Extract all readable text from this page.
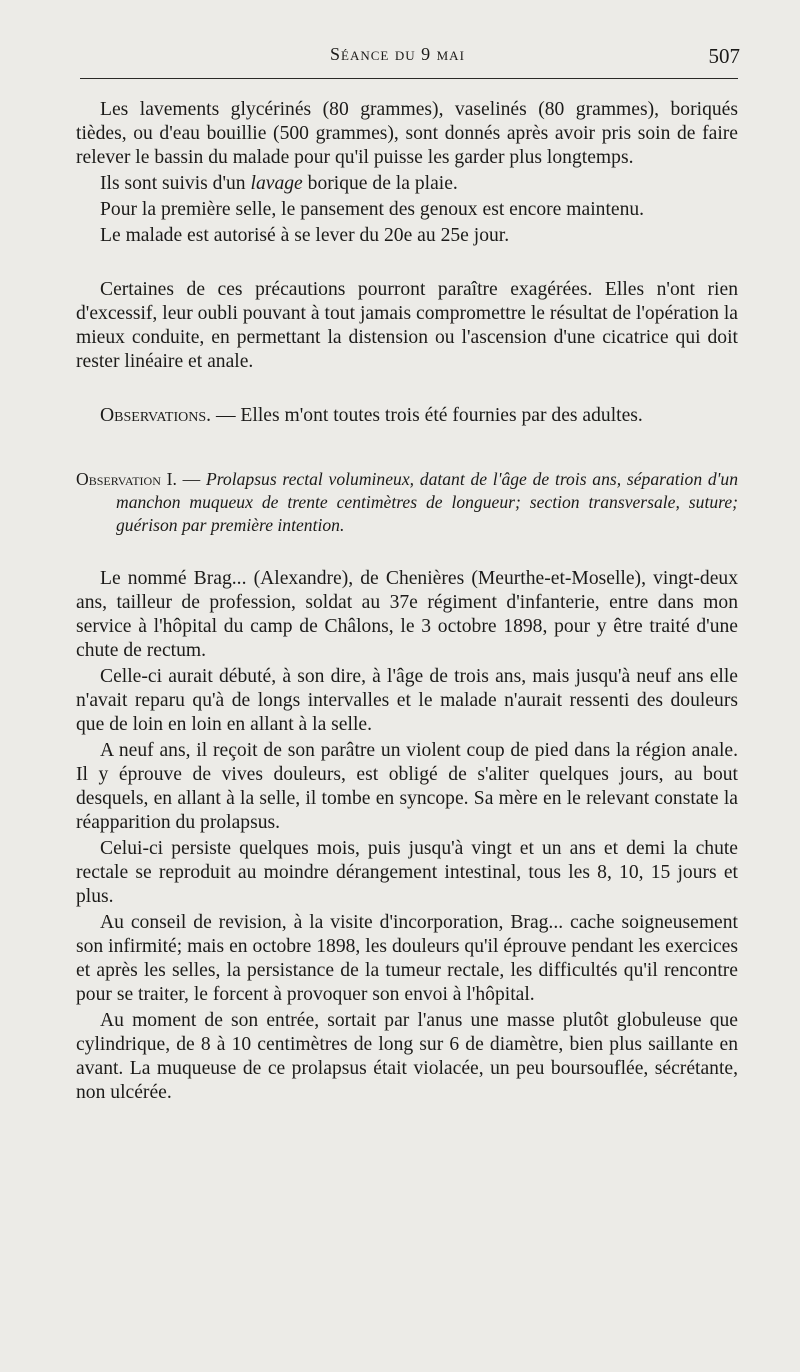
Séance du 9 mai	507

Les lavements glycérinés (80 grammes), vaselinés (80 grammes), boriqués tièdes, ou d'eau bouillie (500 grammes), sont donnés après avoir pris soin de faire relever le bassin du malade pour qu'il puisse les garder plus longtemps.

Ils sont suivis d'un lavage borique de la plaie.

Pour la première selle, le pansement des genoux est encore maintenu.

Le malade est autorisé à se lever du 20e au 25e jour.

Certaines de ces précautions pourront paraître exagérées. Elles n'ont rien d'excessif, leur oubli pouvant à tout jamais compromettre le résultat de l'opération la mieux conduite, en permettant la distension ou l'ascension d'une cicatrice qui doit rester linéaire et anale.

Observations. — Elles m'ont toutes trois été fournies par des adultes.

Observation I. — Prolapsus rectal volumineux, datant de l'âge de trois ans, séparation d'un manchon muqueux de trente centimètres de longueur; section transversale, suture; guérison par première intention.

Le nommé Brag... (Alexandre), de Chenières (Meurthe-et-Moselle), vingt-deux ans, tailleur de profession, soldat au 37e régiment d'infanterie, entre dans mon service à l'hôpital du camp de Châlons, le 3 octobre 1898, pour y être traité d'une chute de rectum.

Celle-ci aurait débuté, à son dire, à l'âge de trois ans, mais jusqu'à neuf ans elle n'avait reparu qu'à de longs intervalles et le malade n'aurait ressenti des douleurs que de loin en loin en allant à la selle.

A neuf ans, il reçoit de son parâtre un violent coup de pied dans la région anale. Il y éprouve de vives douleurs, est obligé de s'aliter quelques jours, au bout desquels, en allant à la selle, il tombe en syncope. Sa mère en le relevant constate la réapparition du prolapsus.

Celui-ci persiste quelques mois, puis jusqu'à vingt et un ans et demi la chute rectale se reproduit au moindre dérangement intestinal, tous les 8, 10, 15 jours et plus.

Au conseil de revision, à la visite d'incorporation, Brag... cache soigneusement son infirmité; mais en octobre 1898, les douleurs qu'il éprouve pendant les exercices et après les selles, la persistance de la tumeur rectale, les difficultés qu'il rencontre pour se traiter, le forcent à provoquer son envoi à l'hôpital.

Au moment de son entrée, sortait par l'anus une masse plutôt globuleuse que cylindrique, de 8 à 10 centimètres de long sur 6 de diamètre, bien plus saillante en avant. La muqueuse de ce prolapsus était violacée, un peu boursouflée, sécrétante, non ulcérée.
